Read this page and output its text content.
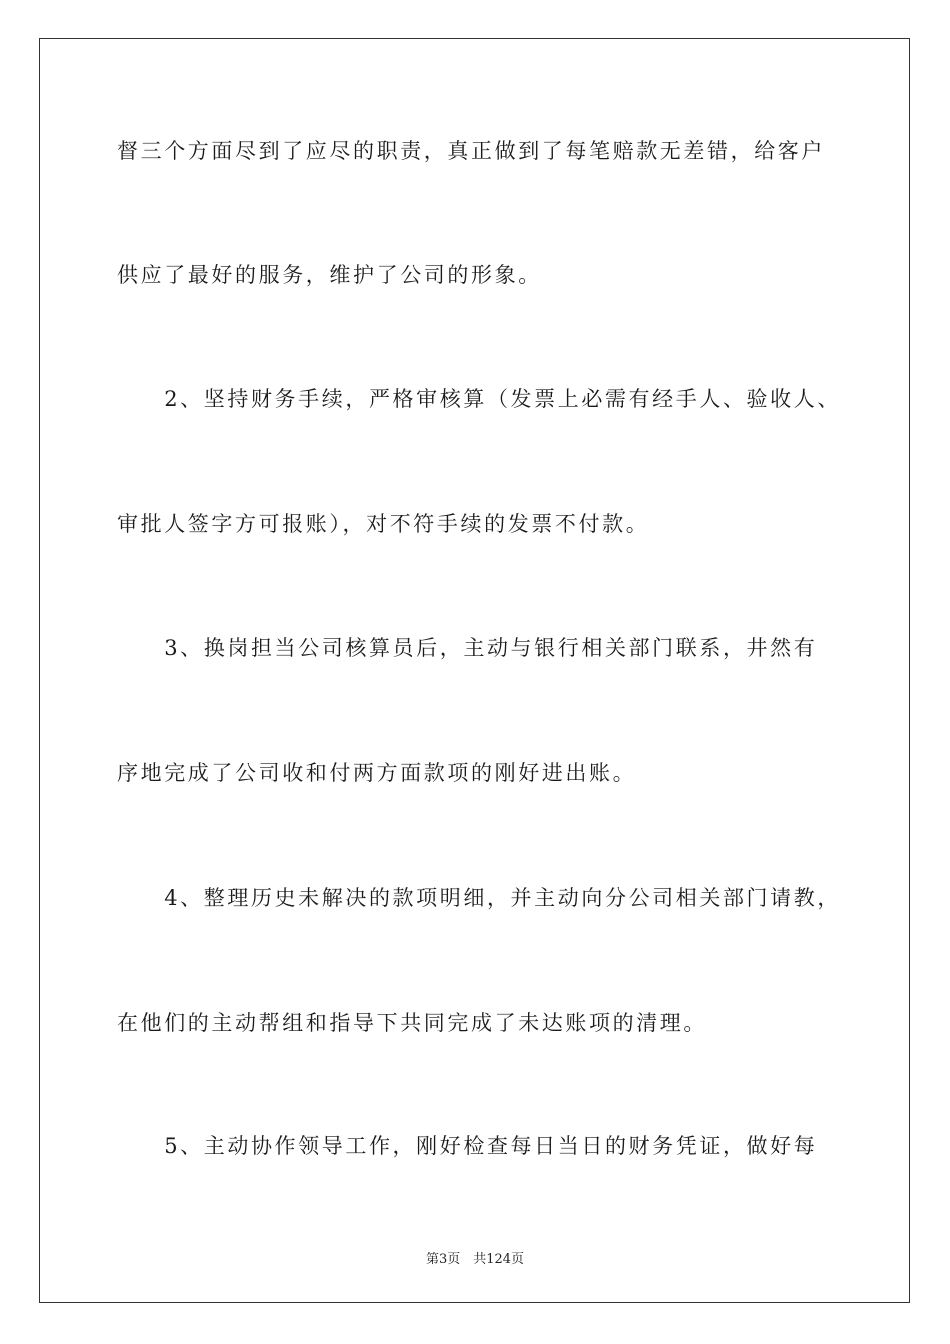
督三个方面尽到了应尽的职责，真正做到了每笔赔款无差错，给客户
供应了最好的服务，维护了公司的形象。
　　2、坚持财务手续，严格审核算（发票上必需有经手人、验收人、
审批人签字方可报账），对不符手续的发票不付款。
　　3、换岗担当公司核算员后，主动与银行相关部门联系，井然有
序地完成了公司收和付两方面款项的刚好进出账。
　　4、整理历史未解决的款项明细，并主动向分公司相关部门请教，
在他们的主动帮组和指导下共同完成了未达账项的清理。
　　5、主动协作领导工作，刚好检查每日当日的财务凭证，做好每
第3页　共124页
